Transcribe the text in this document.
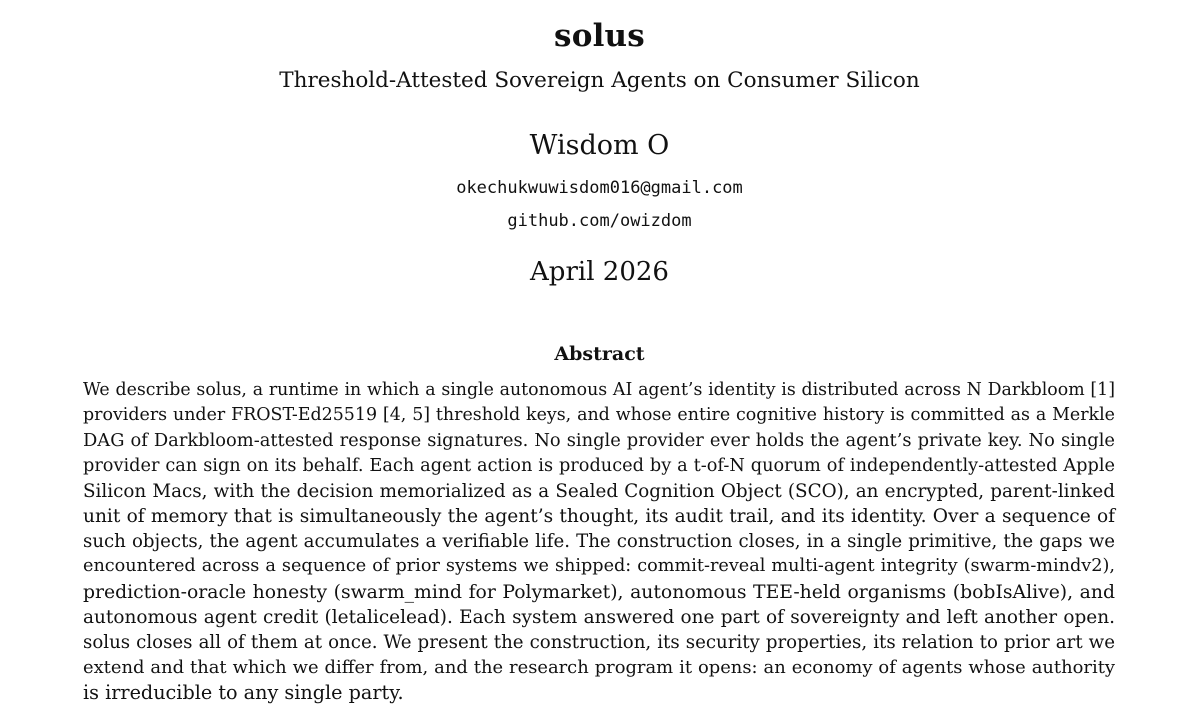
solus
Threshold-Attested Sovereign Agents on Consumer Silicon
Wisdom O
okechukwuwisdom016@gmail.com
github.com/owizdom
April 2026
Abstract
We describe solus, a runtime in which a single autonomous AI agent’s identity is distributed across N Darkbloom [1]
providers under FROST-Ed25519 [4, 5] threshold keys, and whose entire cognitive history is committed as a Merkle
DAG of Darkbloom-attested response signatures. No single provider ever holds the agent’s private key. No single
provider can sign on its behalf. Each agent action is produced by a t-of-N quorum of independently-attested Apple
Silicon Macs, with the decision memorialized as a Sealed Cognition Object (SCO), an encrypted, parent-linked
unit of memory that is simultaneously the agent’s thought, its audit trail, and its identity. Over a sequence of
such objects, the agent accumulates a verifiable life. The construction closes, in a single primitive, the gaps we
encountered across a sequence of prior systems we shipped: commit-reveal multi-agent integrity (swarm-mindv2),
prediction-oracle honesty (swarm_mind for Polymarket), autonomous TEE-held organisms (bobIsAlive), and
autonomous agent credit (letalicelead). Each system answered one part of sovereignty and left another open.
solus closes all of them at once. We present the construction, its security properties, its relation to prior art we
extend and that which we differ from, and the research program it opens: an economy of agents whose authority
is irreducible to any single party.
